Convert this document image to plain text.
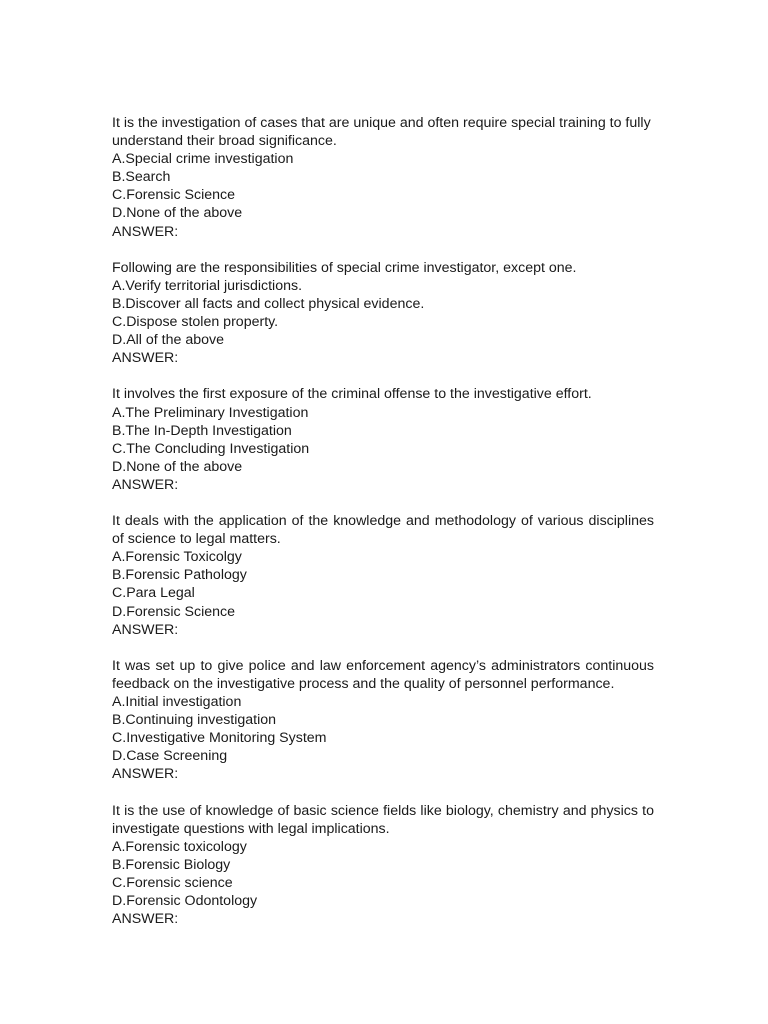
It is the investigation of cases that are unique and often require special training to fully understand their broad significance.

A.Special crime investigation

B.Search

C.Forensic Science

D.None of the above

ANSWER:

Following are the responsibilities of special crime investigator, except one.

A.Verify territorial jurisdictions.

B.Discover all facts and collect physical evidence.

C.Dispose stolen property.

D.All of the above

ANSWER:

It involves the first exposure of the criminal offense to the investigative effort.

A.The Preliminary Investigation

B.The In-Depth Investigation

C.The Concluding Investigation

D.None of the above

ANSWER:

It deals with the application of the knowledge and methodology of various disciplines of science to legal matters.

A.Forensic Toxicolgy

B.Forensic Pathology

C.Para Legal

D.Forensic Science

ANSWER:

It was set up to give police and law enforcement agency’s administrators continuous feedback on the investigative process and the quality of personnel performance.

A.Initial investigation

B.Continuing investigation

C.Investigative Monitoring System

D.Case Screening

ANSWER:

It is the use of knowledge of basic science fields like biology, chemistry and physics to investigate questions with legal implications.

A.Forensic toxicology

B.Forensic Biology

C.Forensic science

D.Forensic Odontology

ANSWER:
